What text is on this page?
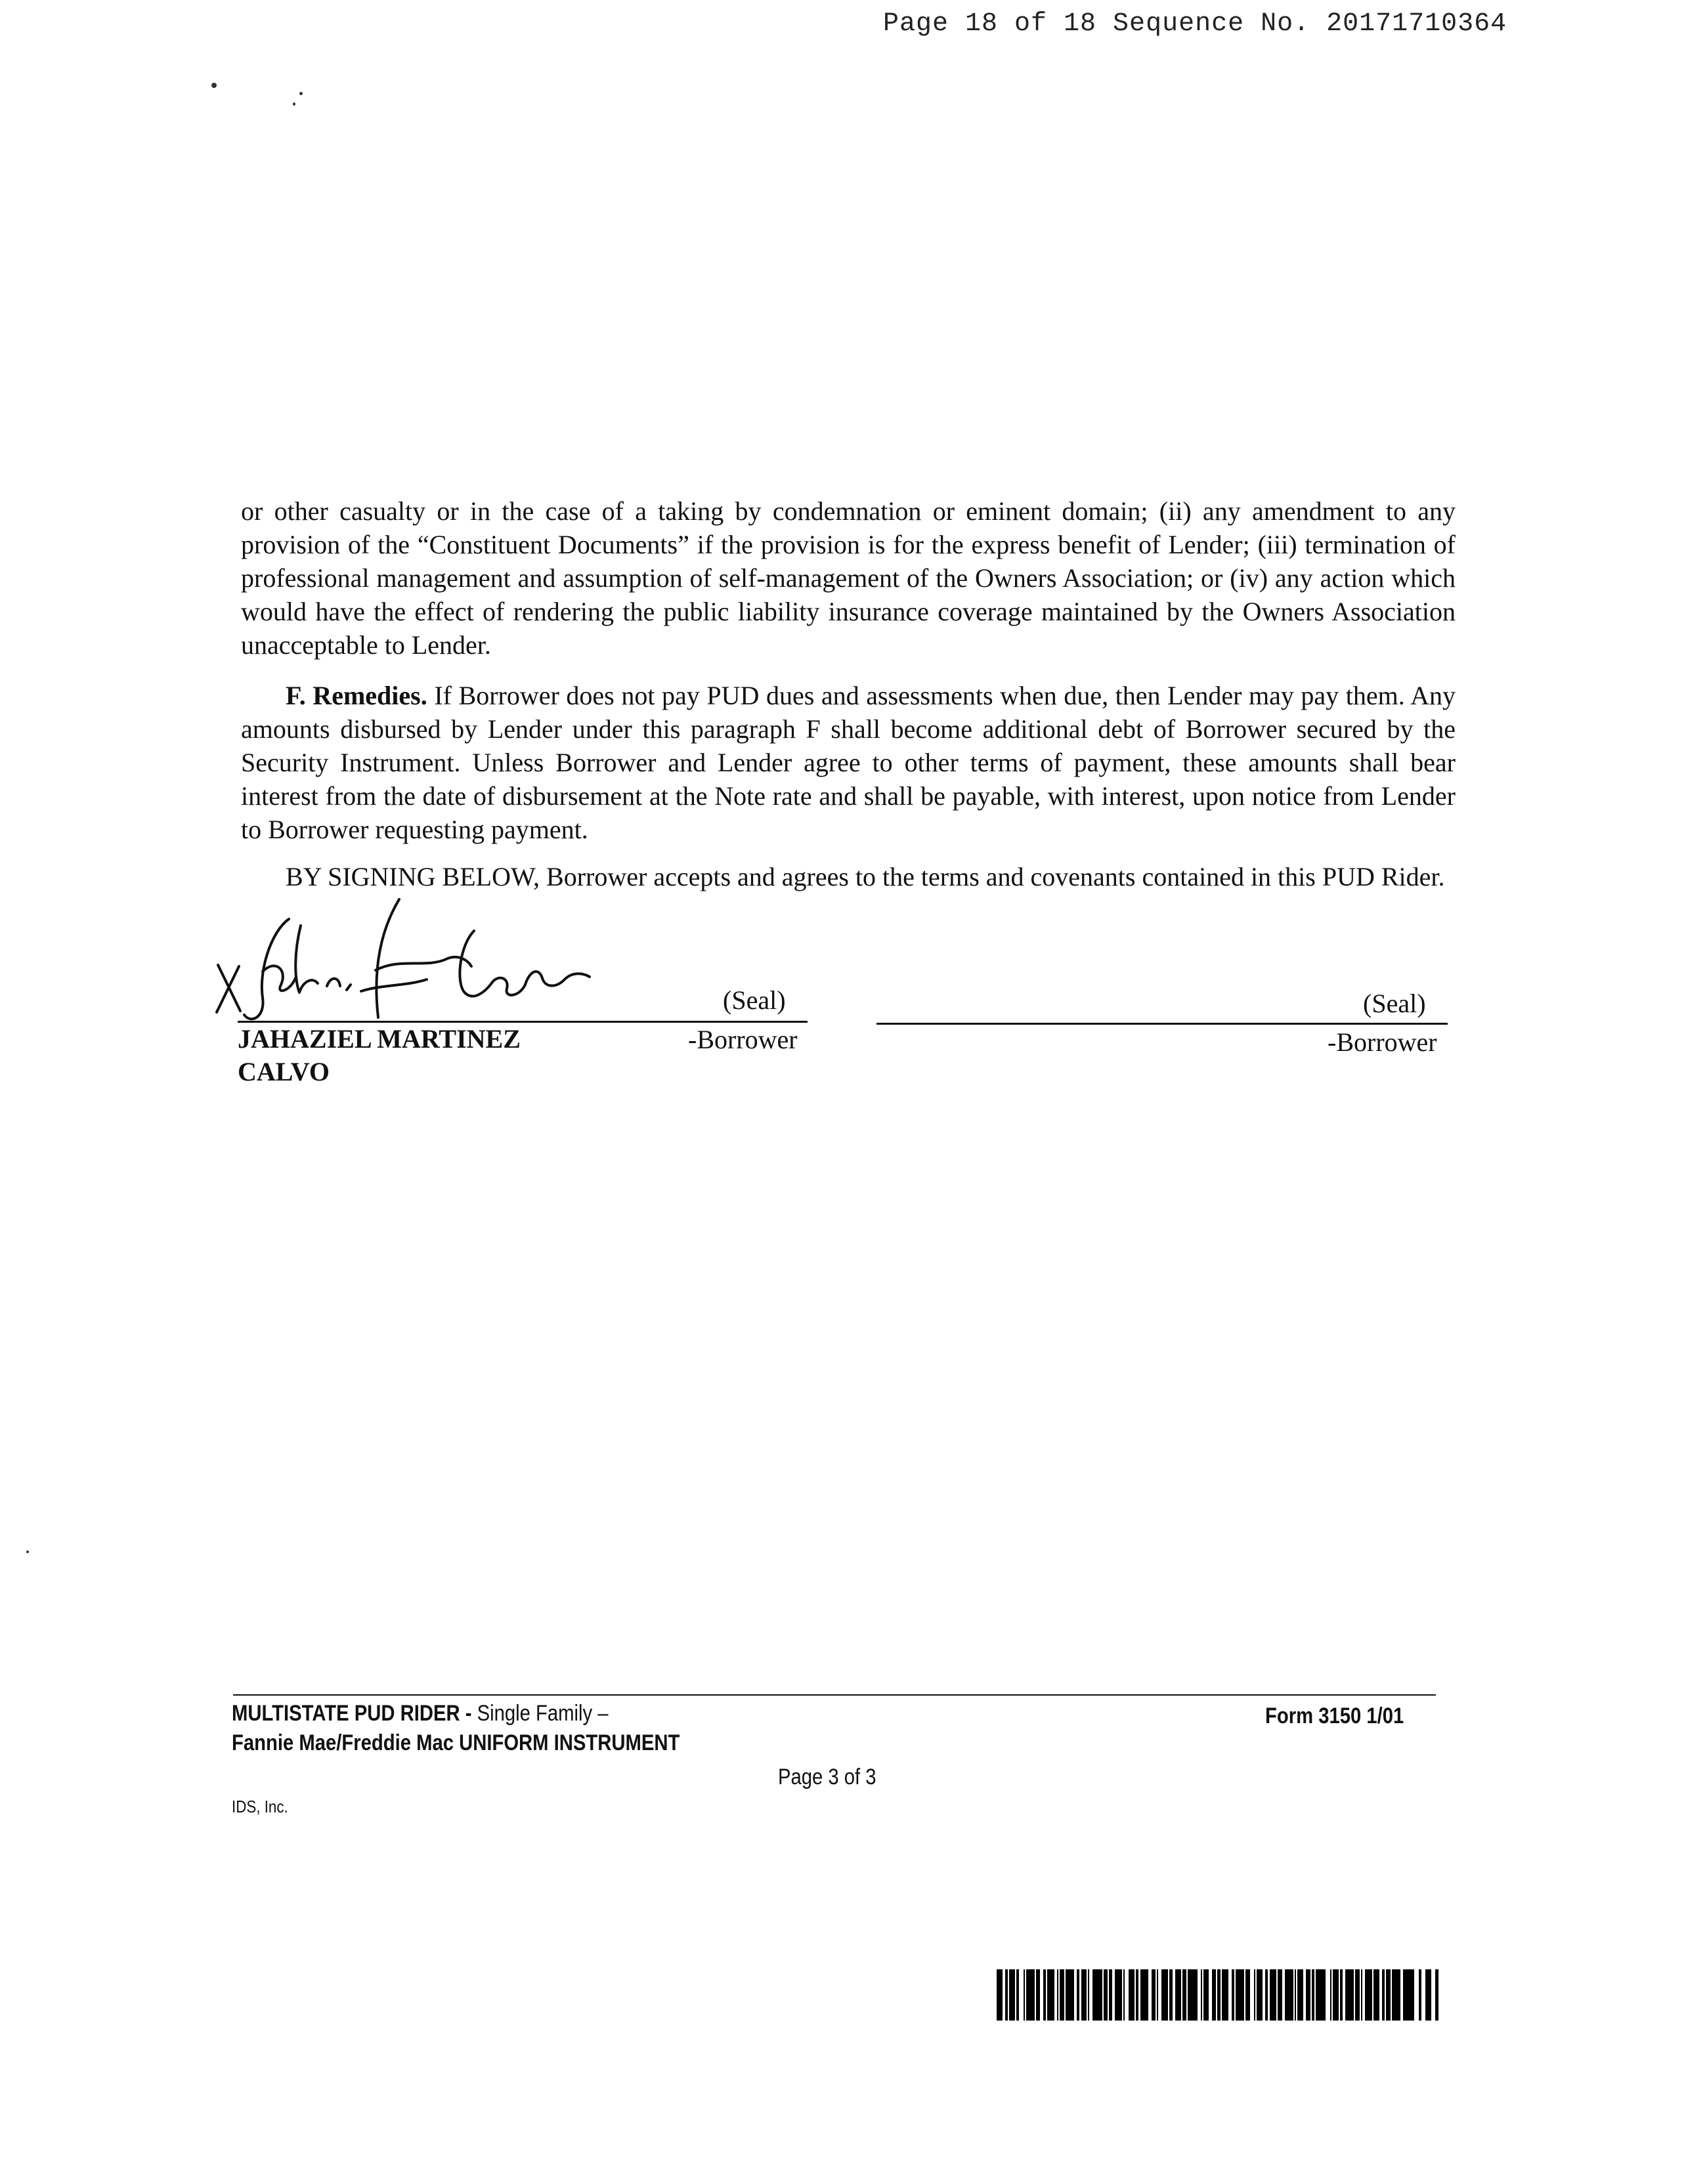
Page 18 of 18 Sequence No. 20171710364

or other casualty or in the case of a taking by condemnation or eminent domain; (ii) any amendment to any provision of the “Constituent Documents” if the provision is for the express benefit of Lender; (iii) termination of professional management and assumption of self-management of the Owners Association; or (iv) any action which would have the effect of rendering the public liability insurance coverage maintained by the Owners Association unacceptable to Lender.

F. Remedies. If Borrower does not pay PUD dues and assessments when due, then Lender may pay them. Any amounts disbursed by Lender under this paragraph F shall become additional debt of Borrower secured by the Security Instrument. Unless Borrower and Lender agree to other terms of payment, these amounts shall bear interest from the date of disbursement at the Note rate and shall be payable, with interest, upon notice from Lender to Borrower requesting payment.

BY SIGNING BELOW, Borrower accepts and agrees to the terms and covenants contained in this PUD Rider.

(Seal)
-Borrower
JAHAZIEL MARTINEZ
CALVO
(Seal)
-Borrower
MULTISTATE PUD RIDER - Single Family –
Fannie Mae/Freddie Mac UNIFORM INSTRUMENT
Form 3150 1/01
Page 3 of 3
IDS, Inc.
